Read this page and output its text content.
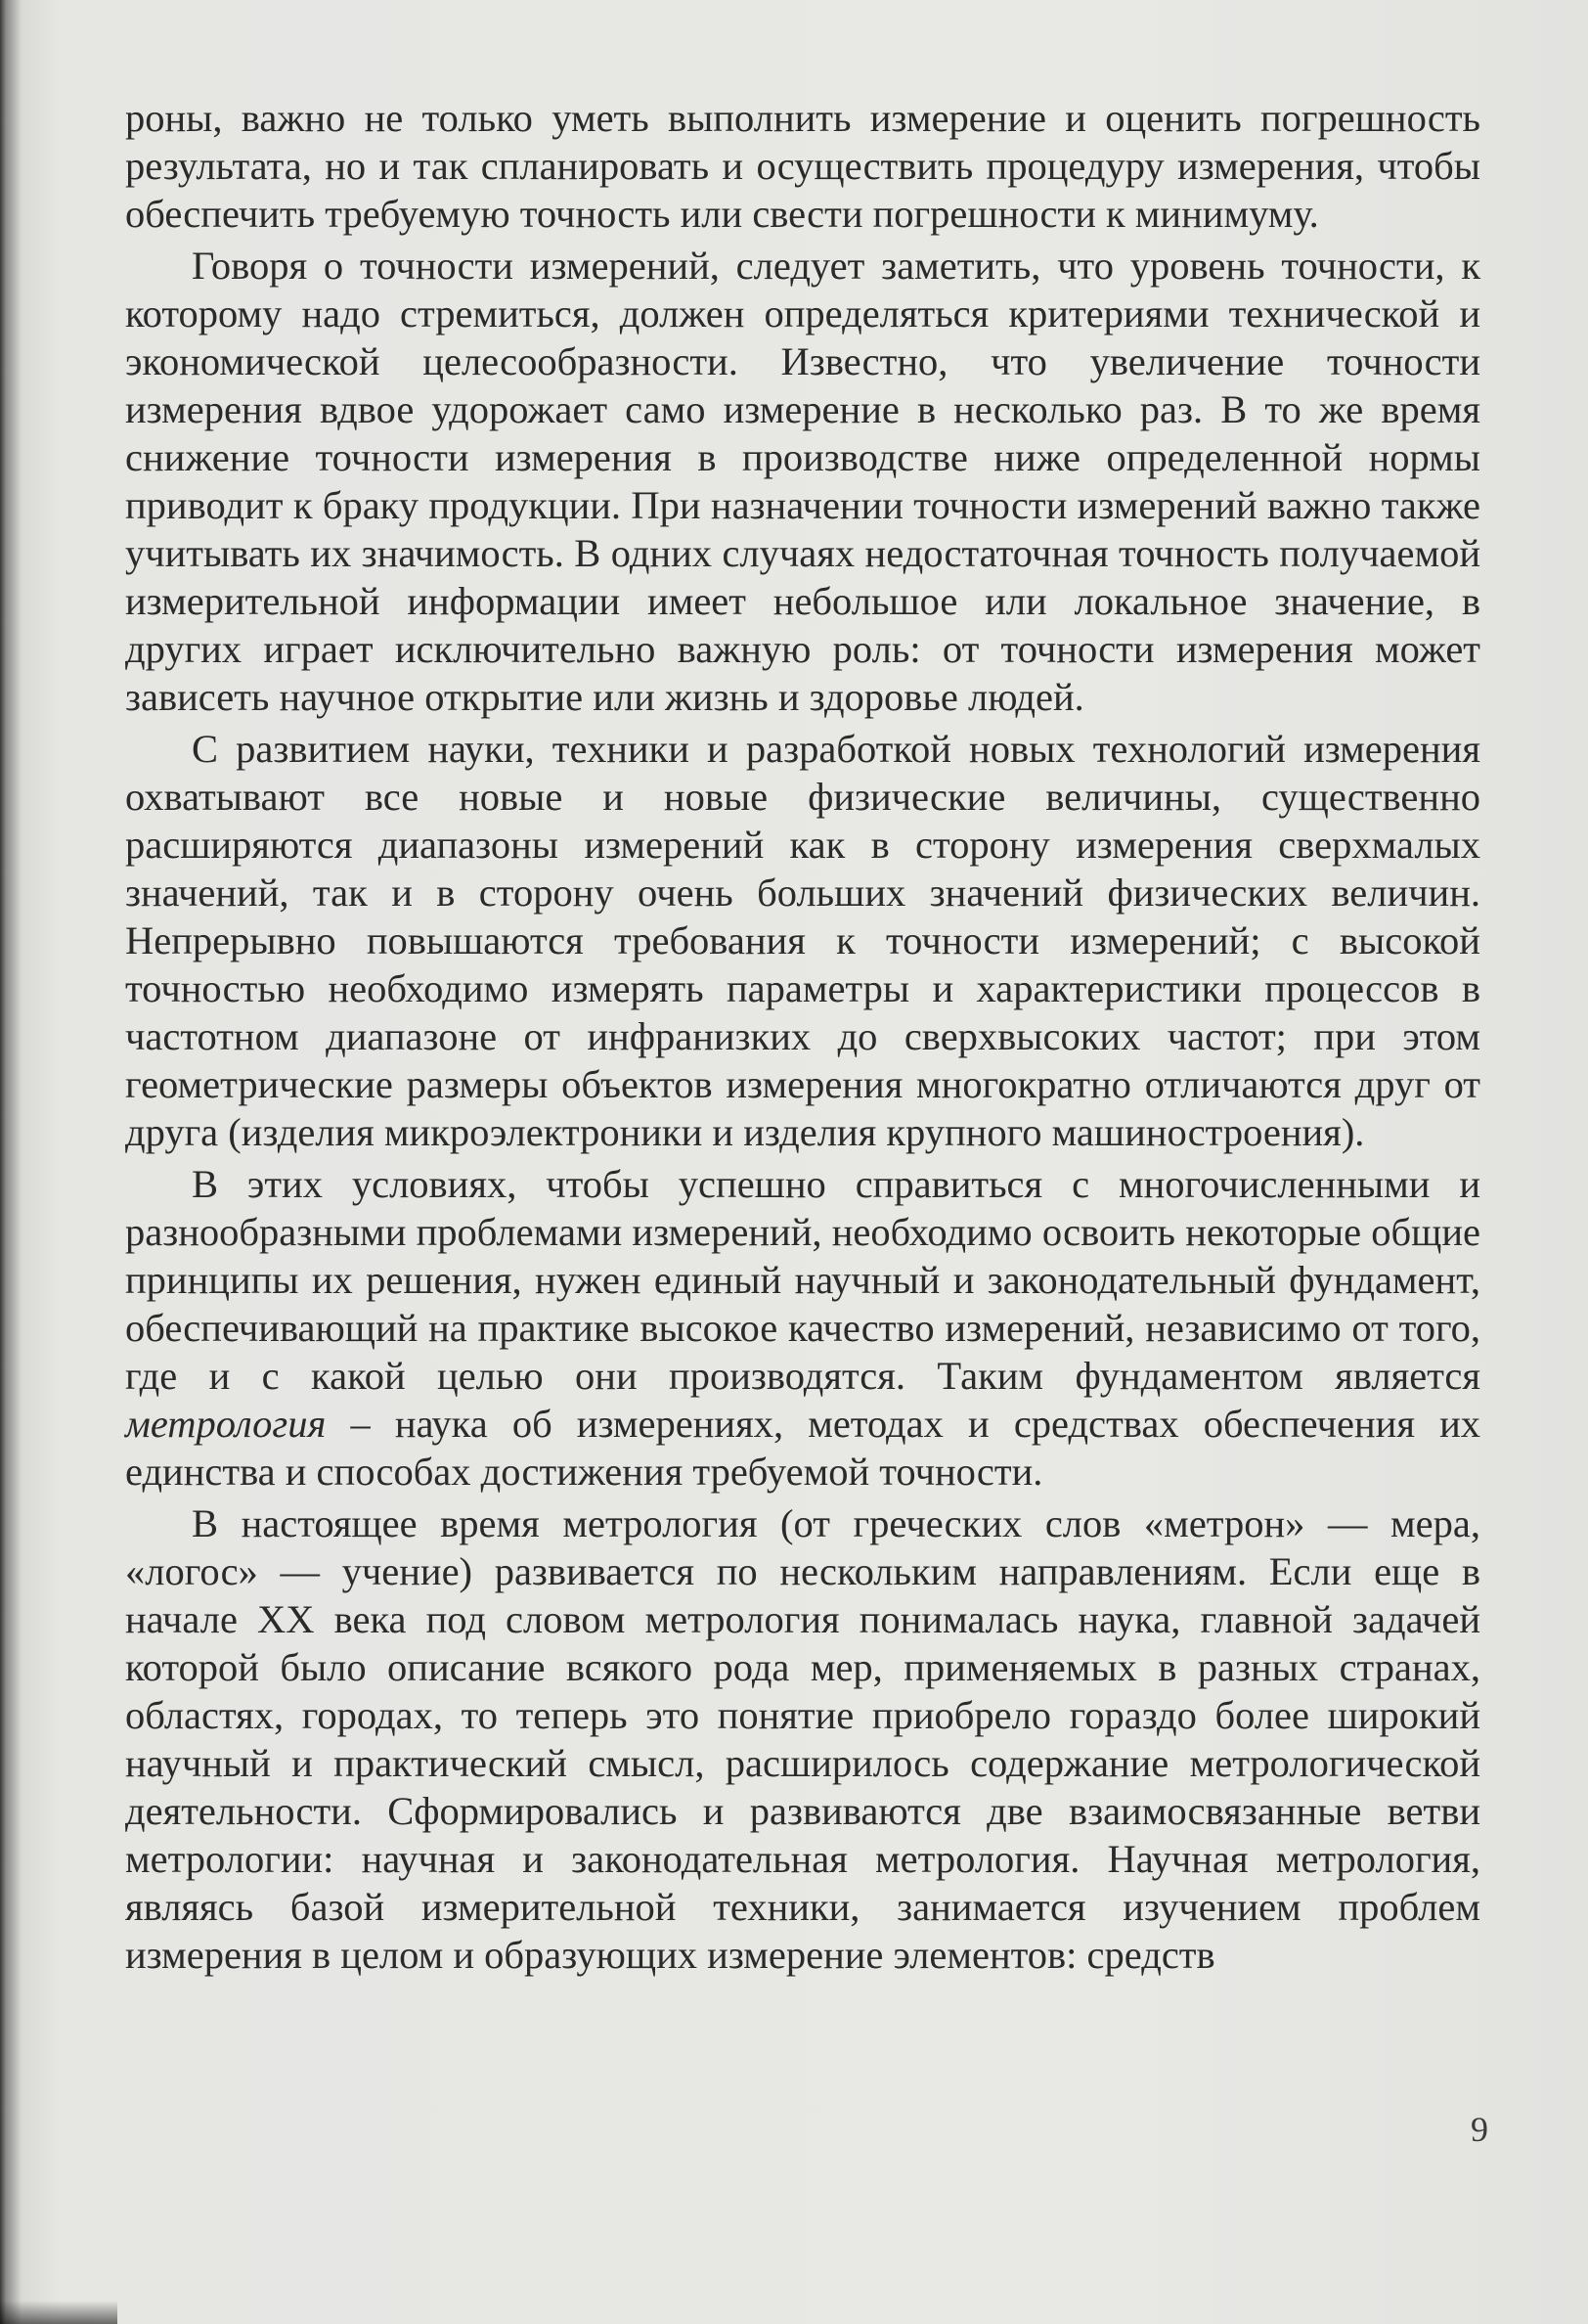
роны, важно не только уметь выполнить измерение и оценить погрешность результата, но и так спланировать и осуществить процедуру измерения, чтобы обеспечить требуемую точность или свести погрешности к минимуму.

Говоря о точности измерений, следует заметить, что уровень точности, к которому надо стремиться, должен определяться критериями технической и экономической целесообразности. Известно, что увеличение точности измерения вдвое удорожает само измерение в несколько раз. В то же время снижение точности измерения в производстве ниже определенной нормы приводит к браку продукции. При назначении точности измерений важно также учитывать их значимость. В одних случаях недостаточная точность получаемой измерительной информации имеет небольшое или локальное значение, в других играет исключительно важную роль: от точности измерения может зависеть научное открытие или жизнь и здоровье людей.

С развитием науки, техники и разработкой новых технологий измерения охватывают все новые и новые физические величины, существенно расширяются диапазоны измерений как в сторону измерения сверхмалых значений, так и в сторону очень больших значений физических величин. Непрерывно повышаются требования к точности измерений; с высокой точностью необходимо измерять параметры и характеристики процессов в частотном диапазоне от инфранизких до сверхвысоких частот; при этом геометрические размеры объектов измерения многократно отличаются друг от друга (изделия микроэлектроники и изделия крупного машиностроения).

В этих условиях, чтобы успешно справиться с многочисленными и разнообразными проблемами измерений, необходимо освоить некоторые общие принципы их решения, нужен единый научный и законодательный фундамент, обеспечивающий на практике высокое качество измерений, независимо от того, где и с какой целью они производятся. Таким фундаментом является метрология – наука об измерениях, методах и средствах обеспечения их единства и способах достижения требуемой точности.

В настоящее время метрология (от греческих слов «метрон» — мера, «логос» — учение) развивается по нескольким направлениям. Если еще в начале XX века под словом метрология понималась наука, главной задачей которой было описание всякого рода мер, применяемых в разных странах, областях, городах, то теперь это понятие приобрело гораздо более широкий научный и практический смысл, расширилось содержание метрологической деятельности. Сформировались и развиваются две взаимосвязанные ветви метрологии: научная и законодательная метрология. Научная метрология, являясь базой измерительной техники, занимается изучением проблем измерения в целом и образующих измерение элементов: средств

9
